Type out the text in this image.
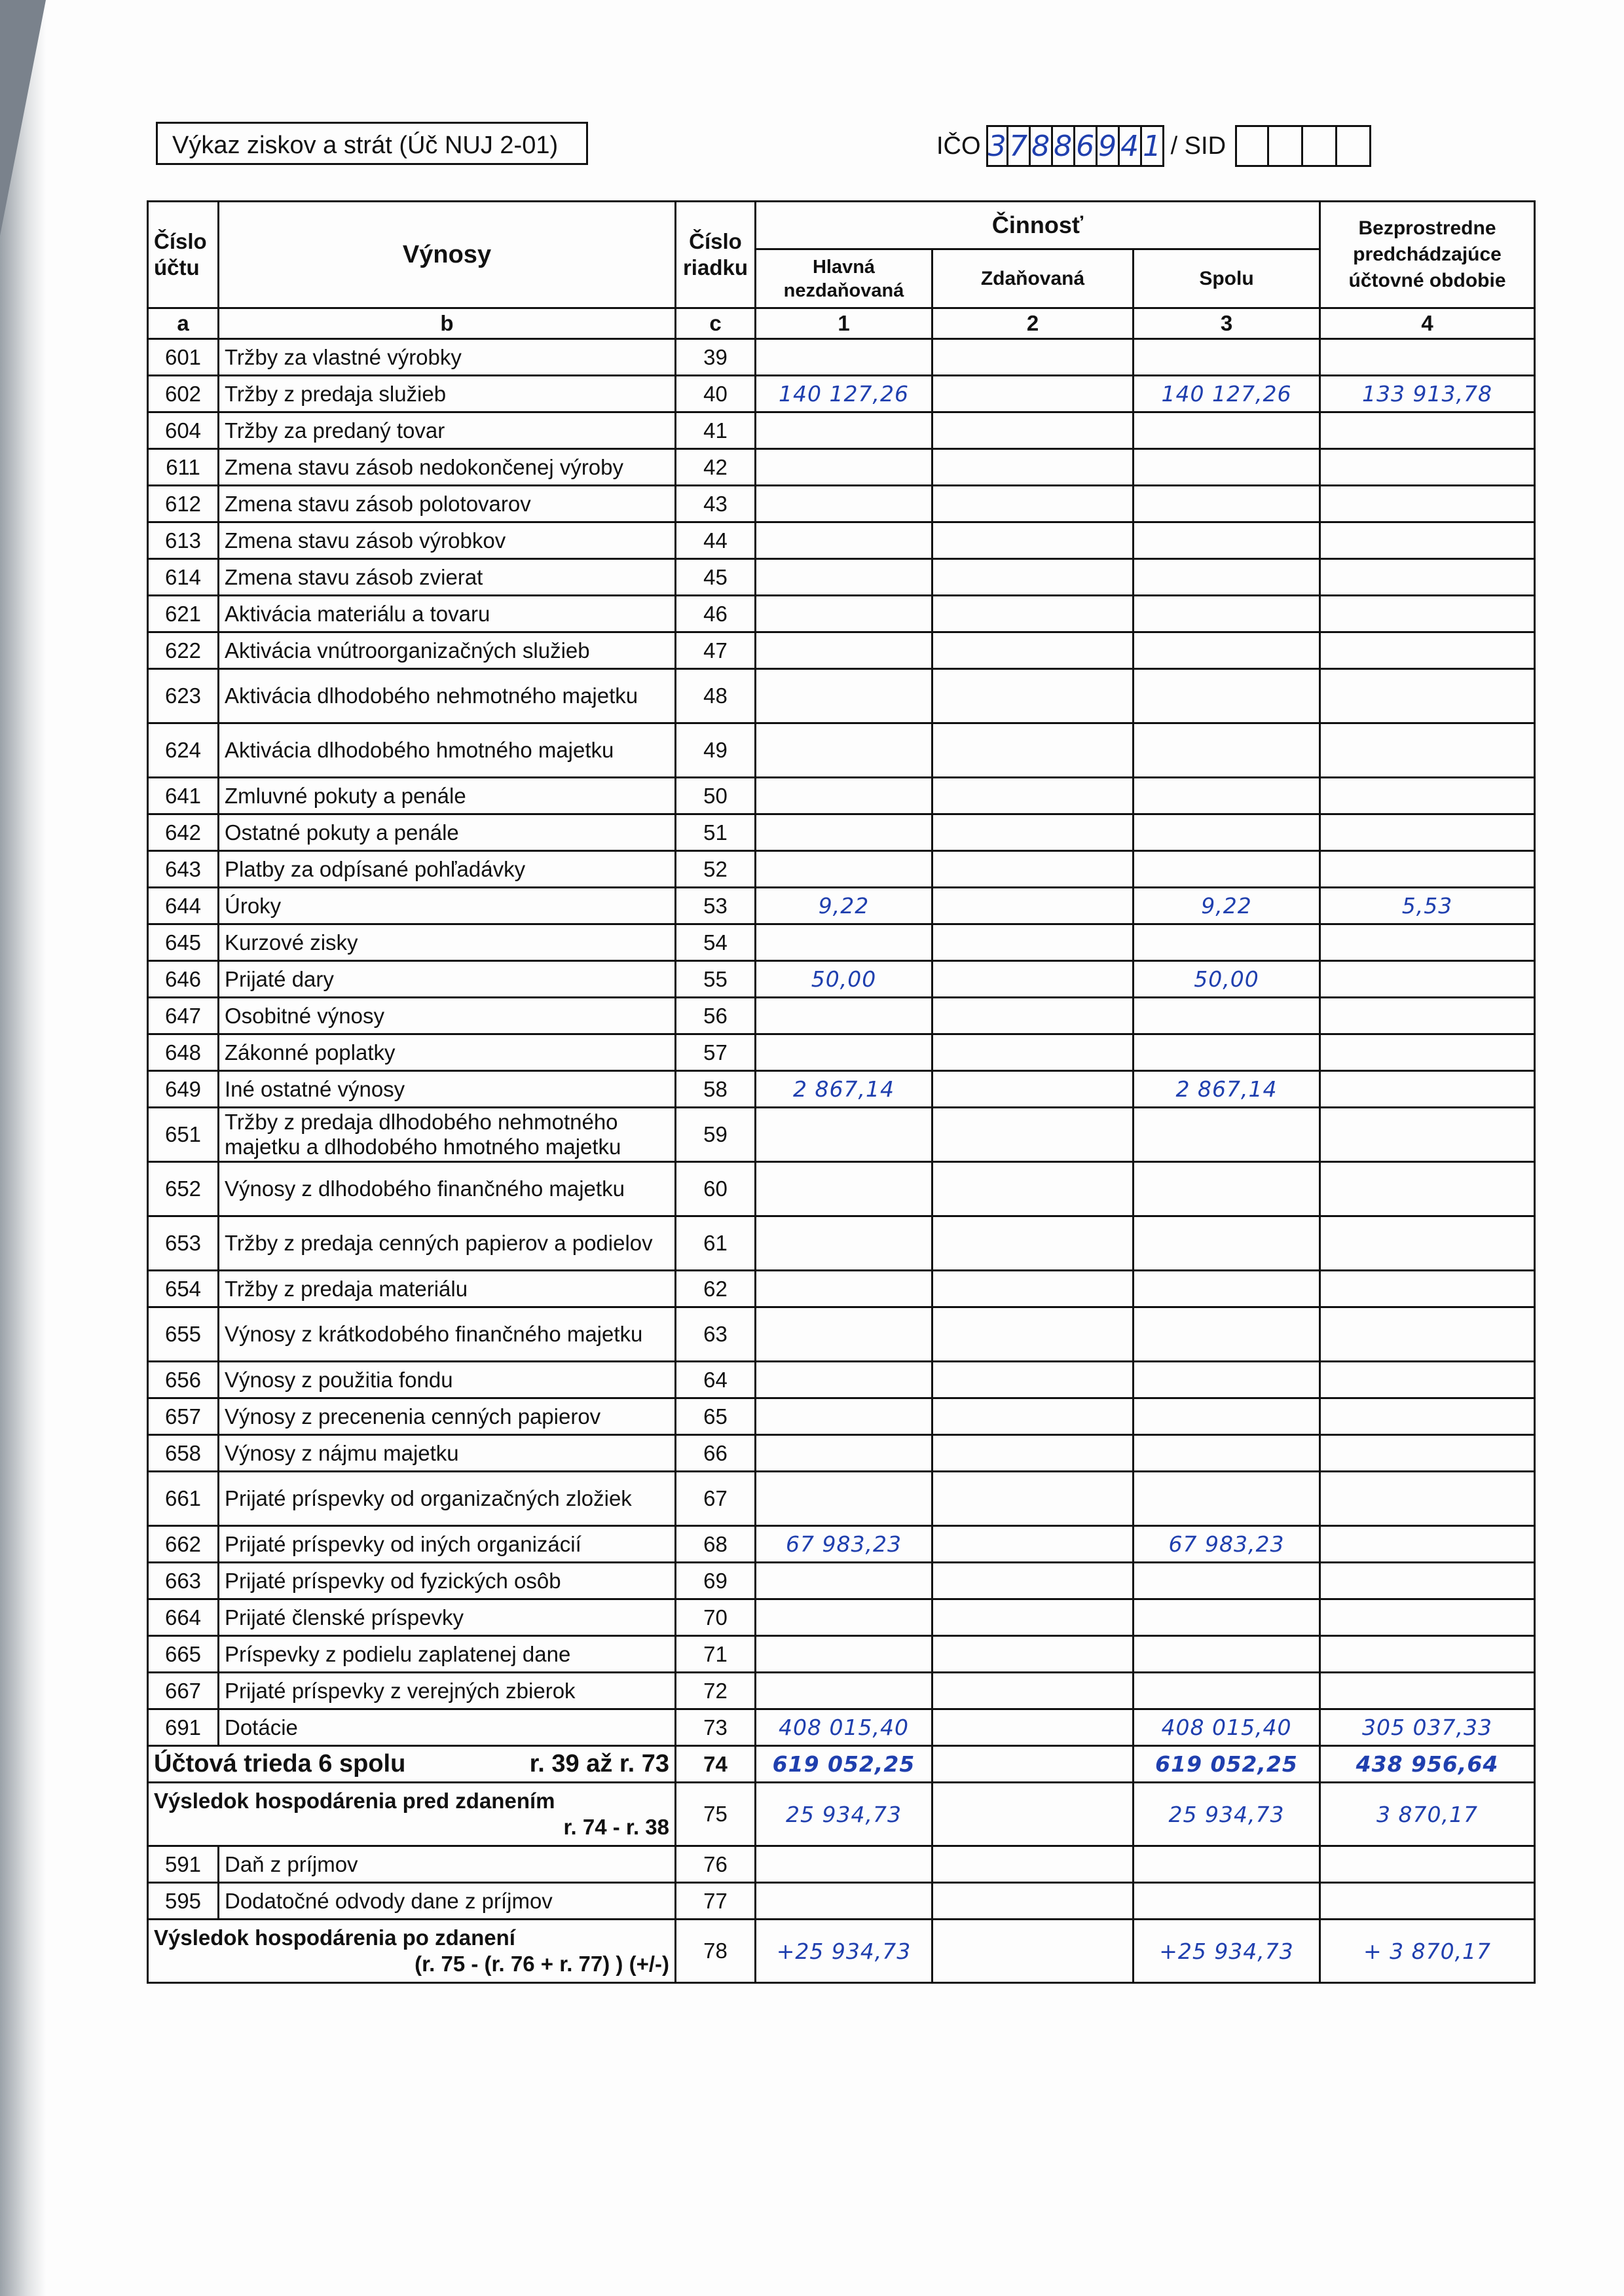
Výkaz ziskov a strát (Úč NUJ 2-01)	IČO 3 7 8 8 6 9 4 1 / SID
Číslo účtu	Výnosy	Číslo riadku	Činnosť			Bezprostredne predchádzajúce účtovné obdobie
			Hlavná nezdaňovaná	Zdaňovaná	Spolu	
a	b	c	1	2	3	4
601	Tržby za vlastné výrobky	39				
602	Tržby z predaja služieb	40	140 127,26		140 127,26	133 913,78
604	Tržby za predaný tovar	41				
611	Zmena stavu zásob nedokončenej výroby	42				
612	Zmena stavu zásob polotovarov	43				
613	Zmena stavu zásob výrobkov	44				
614	Zmena stavu zásob zvierat	45				
621	Aktivácia materiálu a tovaru	46				
622	Aktivácia vnútroorganizačných služieb	47				
623	Aktivácia dlhodobého nehmotného majetku	48				
624	Aktivácia dlhodobého hmotného majetku	49				
641	Zmluvné pokuty a penále	50				
642	Ostatné pokuty a penále	51				
643	Platby za odpísané pohľadávky	52				
644	Úroky	53	9,22		9,22	5,53
645	Kurzové zisky	54				
646	Prijaté dary	55	50,00		50,00	
647	Osobitné výnosy	56				
648	Zákonné poplatky	57				
649	Iné ostatné výnosy	58	2 867,14		2 867,14	
651	Tržby z predaja dlhodobého nehmotného majetku a dlhodobého hmotného majetku	59				
652	Výnosy z dlhodobého finančného majetku	60				
653	Tržby z predaja cenných papierov a podielov	61				
654	Tržby z predaja materiálu	62				
655	Výnosy z krátkodobého finančného majetku	63				
656	Výnosy z použitia fondu	64				
657	Výnosy z precenenia cenných papierov	65				
658	Výnosy z nájmu majetku	66				
661	Prijaté príspevky od organizačných zložiek	67				
662	Prijaté príspevky od iných organizácií	68	67 983,23		67 983,23	
663	Prijaté príspevky od fyzických osôb	69				
664	Prijaté členské príspevky	70				
665	Príspevky z podielu zaplatenej dane	71				
667	Prijaté príspevky z verejných zbierok	72				
691	Dotácie	73	408 015,40		408 015,40	305 037,33

Účtová trieda 6 spolu r. 39 až r. 73		74	619 052,25		619 052,25	438 956,64

Výsledok hospodárenia pred zdanením
r. 74 - r. 38		75	25 934,73		25 934,73	3 870,17
591	Daň z príjmov	76				
595	Dodatočné odvody dane z príjmov	77				

Výsledok hospodárenia po zdanení
(r. 75 - (r. 76 + r. 77) ) (+/-)		78	+25 934,73		+25 934,73	+ 3 870,17
